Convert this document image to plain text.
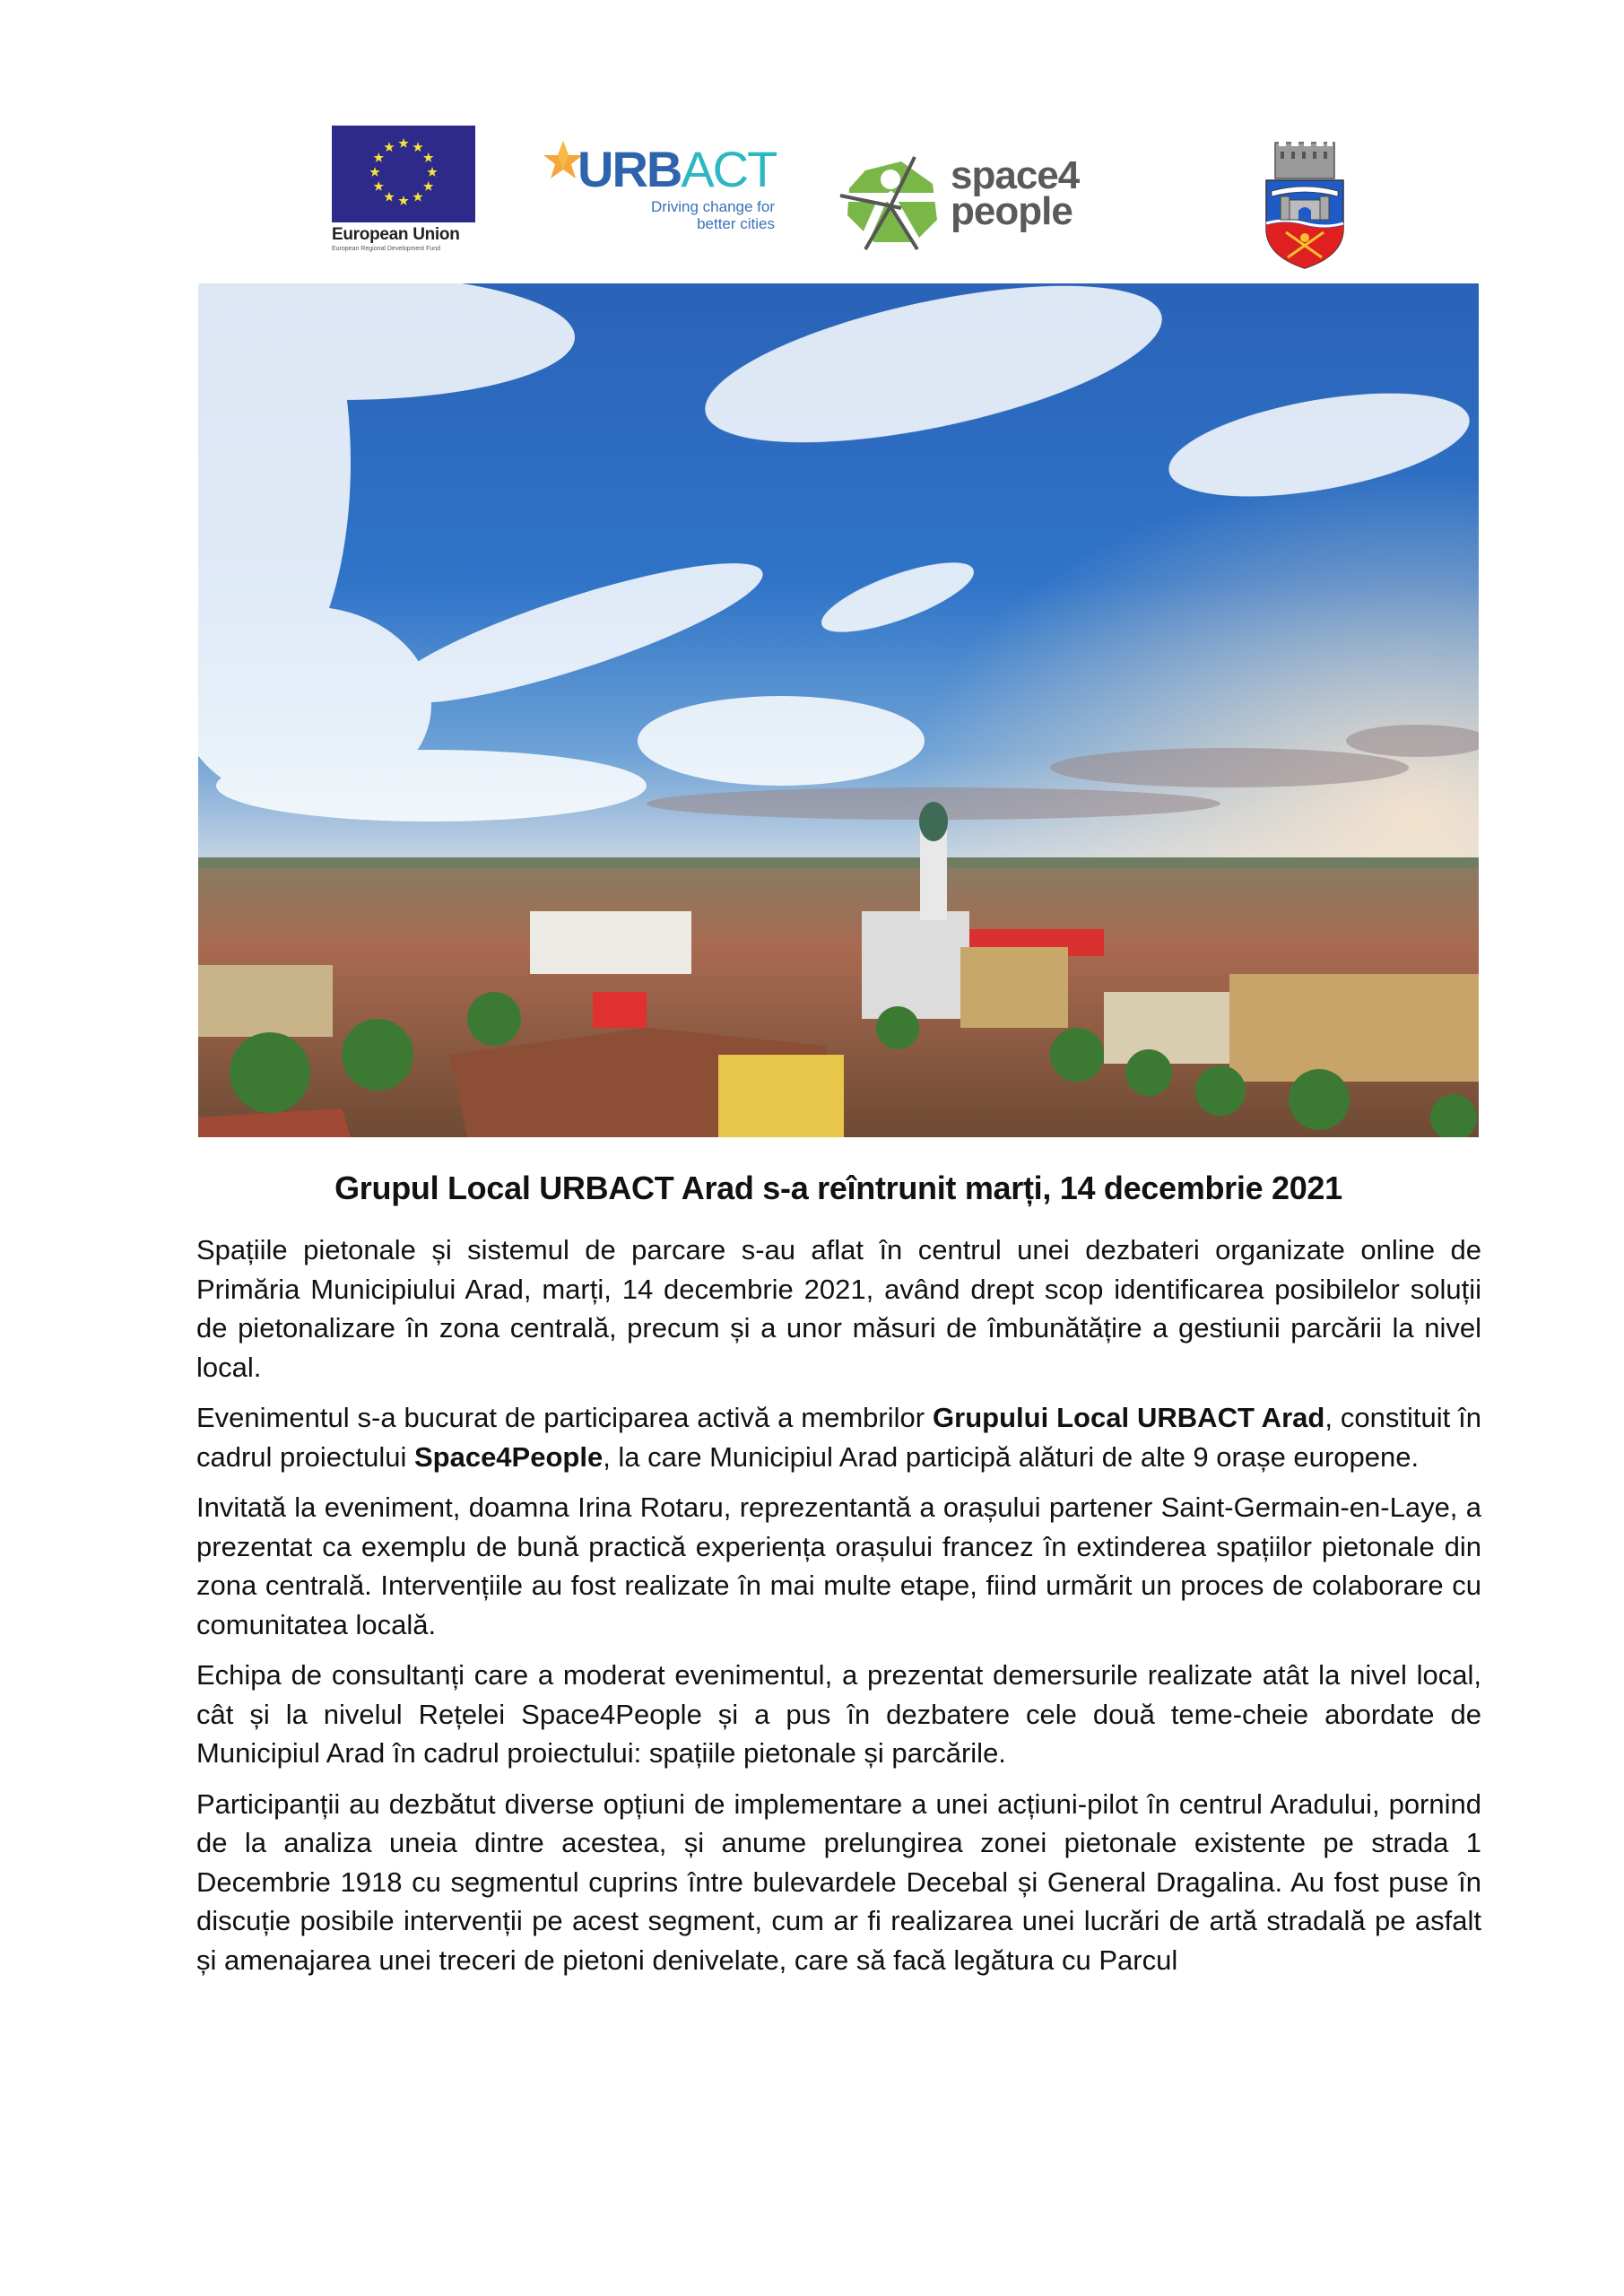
European Union
European Regional Development Fund
URBACT
Driving change for
better cities
space4
people
Grupul Local URBACT Arad s-a reîntrunit marți, 14 decembrie 2021

Spațiile pietonale și sistemul de parcare s-au aflat în centrul unei dezbateri organizate online de Primăria Municipiului Arad, marți, 14 decembrie 2021, având drept scop identificarea posibilelor soluții de pietonalizare în zona centrală, precum și a unor măsuri de îmbunătățire a gestiunii parcării la nivel local.

Evenimentul s-a bucurat de participarea activă a membrilor Grupului Local URBACT Arad, constituit în cadrul proiectului Space4People, la care Municipiul Arad participă alături de alte 9 orașe europene.

Invitată la eveniment, doamna Irina Rotaru, reprezentantă a orașului partener Saint-Germain-en-Laye, a prezentat ca exemplu de bună practică experiența orașului francez în extinderea spațiilor pietonale din zona centrală. Intervențiile au fost realizate în mai multe etape, fiind urmărit un proces de colaborare cu comunitatea locală.

Echipa de consultanți care a moderat evenimentul, a prezentat demersurile realizate atât la nivel local, cât și la nivelul Rețelei Space4People și a pus în dezbatere cele două teme-cheie abordate de Municipiul Arad în cadrul proiectului: spațiile pietonale și parcările.

Participanții au dezbătut diverse opțiuni de implementare a unei acțiuni-pilot în centrul Aradului, pornind de la analiza uneia dintre acestea, și anume prelungirea zonei pietonale existente pe strada 1 Decembrie 1918 cu segmentul cuprins între bulevardele Decebal și General Dragalina. Au fost puse în discuție posibile intervenții pe acest segment, cum ar fi realizarea unei lucrări de artă stradală pe asfalt și amenajarea unei treceri de pietoni denivelate, care să facă legătura cu Parcul
